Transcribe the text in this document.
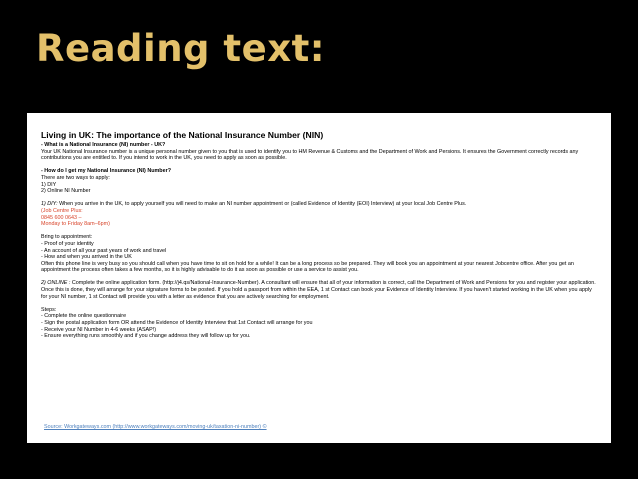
Reading text:
Living in UK: The importance of the National Insurance Number (NIN)

- What is a National Insurance (NI) number - UK?

Your UK National Insurance number is a unique personal number given to you that is used to identify you to HM Revenue & Customs and the Department of Work and Persions. It ensures the Government correctly records any contributions you are entitled to. If you intend to work in the UK, you need to apply as soon as possible.

- How do I get my National Insurance (NI) Number?

There are two ways to apply:

1) DIY

2) Online NI Number

1) DIY: When you arrive in the UK, to apply yourself you will need to make an NI number appointment or (called Evidence of Identity (EOI) Interview) at your local Job Centre Plus.

(Job Centre Plus:

0845 600 0643 –

Monday to Friday 8am–6pm)

Bring to appointment:

- Proof of your identity

- An account of all your past years of work and travel

- How and when you arrived in the UK

Often this phone line is very busy so you should call when you have time to sit on hold for a while! It can be a long process so be prepared. They will book you an appointment at your nearest Jobcentre office. After you get an appointment the process often takes a few months, so it is highly advisable to do it as soon as possible or use a service to assist you.

2) ONLINE : Complete the online application form. (http://j4.qs/National-Insurance-Number). A consultant will ensure that all of your information is correct, call the Department of Work and Persions for you and register your application. Once this is done, they will arrange for your signature forms to be posted. If you hold a passport from within the EEA, 1 st Contact can book your Evidence of Identity Interview. If you haven't started working in the UK when you apply for your NI number, 1 st Contact will provide you with a letter as evidence that you are actively searching for employment.

Steps:

- Complete the online questionnaire

- Sign the postal application form OR attend the Evidence of Identity Interview that 1st Contact will arrange for you

- Receive your NI Number in 4-6 weeks (ASAP!)

- Ensure everything runs smoothly and if you change address they will follow up for you.

Source: Workgateways.com (http://www.workgateways.com/moving-uk/taxation-ni-number) ©
